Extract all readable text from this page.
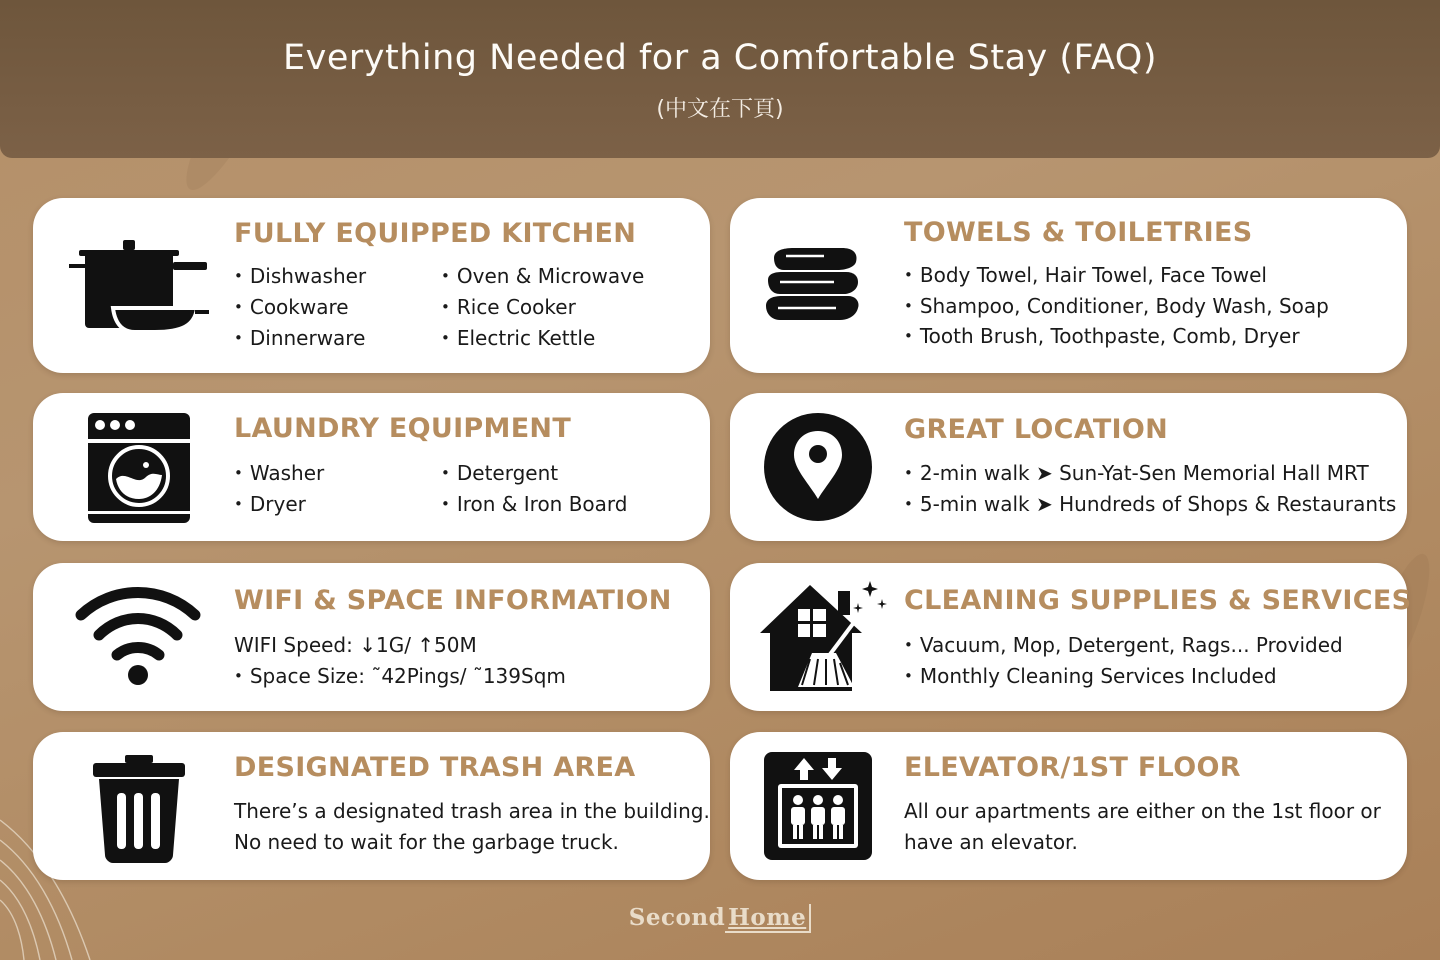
Everything Needed for a Comfortable Stay (FAQ)
(中文在下頁)
FULLY EQUIPPED KITCHEN
• Dishwasher
• Cookware
• Dinnerware
• Oven & Microwave
• Rice Cooker
• Electric Kettle
TOWELS & TOILETRIES
• Body Towel, Hair Towel, Face Towel
• Shampoo, Conditioner, Body Wash, Soap
• Tooth Brush, Toothpaste, Comb, Dryer
LAUNDRY EQUIPMENT
• Washer
• Dryer
• Detergent
• Iron & Iron Board
GREAT LOCATION
• 2-min walk ➤ Sun-Yat-Sen Memorial Hall MRT
• 5-min walk ➤ Hundreds of Shops & Restaurants
WIFI & SPACE INFORMATION
WIFI Speed: ↓1G/ ↑50M
• Space Size: ˜42Pings/ ˜139Sqm
CLEANING SUPPLIES & SERVICES
• Vacuum, Mop, Detergent, Rags... Provided
• Monthly Cleaning Services Included
DESIGNATED TRASH AREA
There’s a designated trash area in the building.
No need to wait for the garbage truck.
ELEVATOR/1ST FLOOR
All our apartments are either on the 1st floor or
have an elevator.
Second Home
